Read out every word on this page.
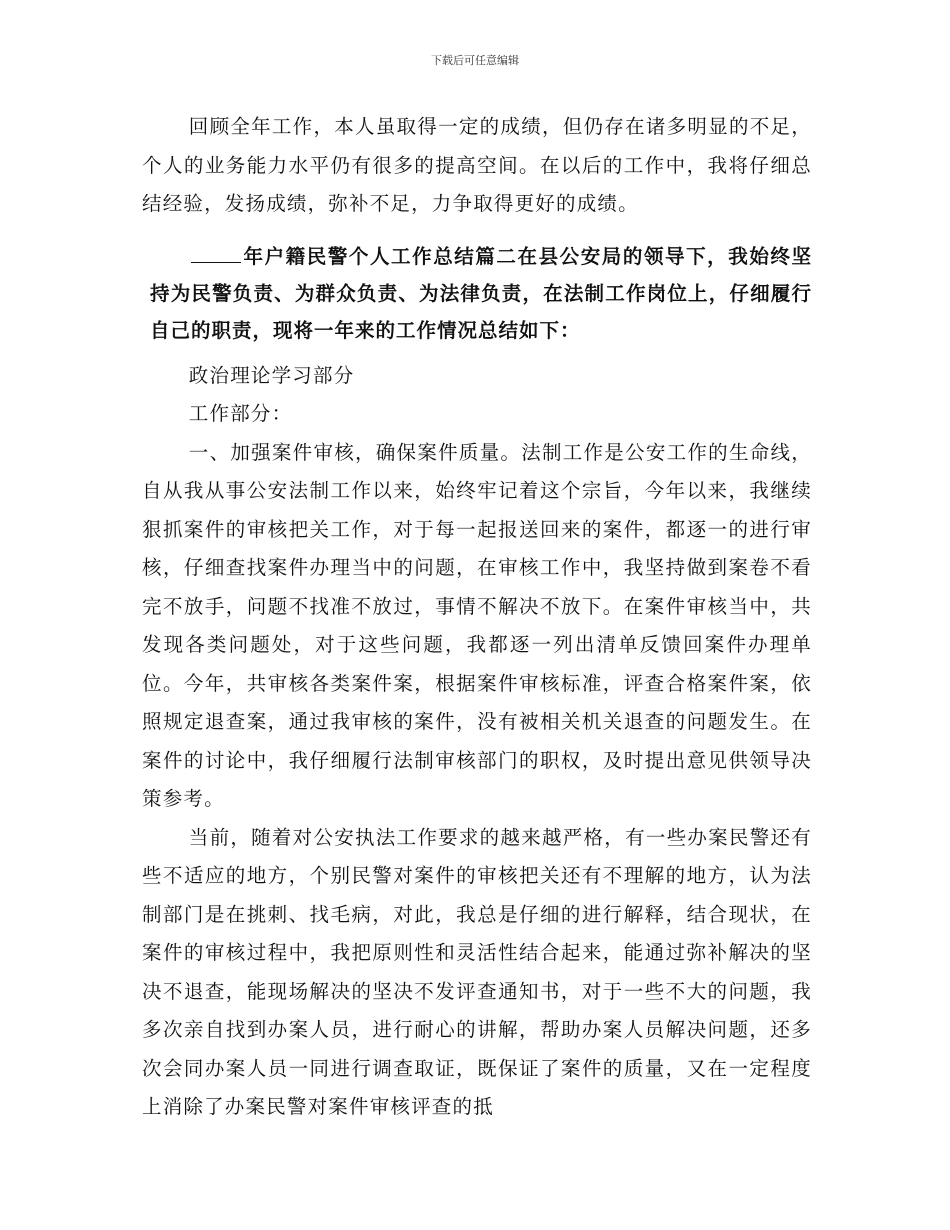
下载后可任意编辑

回顾全年工作，本人虽取得一定的成绩，但仍存在诸多明显的不足，个人的业务能力水平仍有很多的提高空间。在以后的工作中，我将仔细总结经验，发扬成绩，弥补不足，力争取得更好的成绩。

年户籍民警个人工作总结篇二在县公安局的领导下，我始终坚持为民警负责、为群众负责、为法律负责，在法制工作岗位上，仔细履行自己的职责，现将一年来的工作情况总结如下：

政治理论学习部分

工作部分：

一、加强案件审核，确保案件质量。法制工作是公安工作的生命线，自从我从事公安法制工作以来，始终牢记着这个宗旨，今年以来，我继续狠抓案件的审核把关工作，对于每一起报送回来的案件，都逐一的进行审核，仔细查找案件办理当中的问题，在审核工作中，我坚持做到案卷不看完不放手，问题不找准不放过，事情不解决不放下。在案件审核当中，共发现各类问题处，对于这些问题，我都逐一列出清单反馈回案件办理单位。今年，共审核各类案件案，根据案件审核标准，评查合格案件案，依照规定退查案，通过我审核的案件，没有被相关机关退查的问题发生。在案件的讨论中，我仔细履行法制审核部门的职权，及时提出意见供领导决策参考。

当前，随着对公安执法工作要求的越来越严格，有一些办案民警还有些不适应的地方，个别民警对案件的审核把关还有不理解的地方，认为法制部门是在挑刺、找毛病，对此，我总是仔细的进行解释，结合现状，在案件的审核过程中，我把原则性和灵活性结合起来，能通过弥补解决的坚决不退查，能现场解决的坚决不发评查通知书，对于一些不大的问题，我多次亲自找到办案人员，进行耐心的讲解，帮助办案人员解决问题，还多次会同办案人员一同进行调查取证，既保证了案件的质量，又在一定程度上消除了办案民警对案件审核评查的抵
